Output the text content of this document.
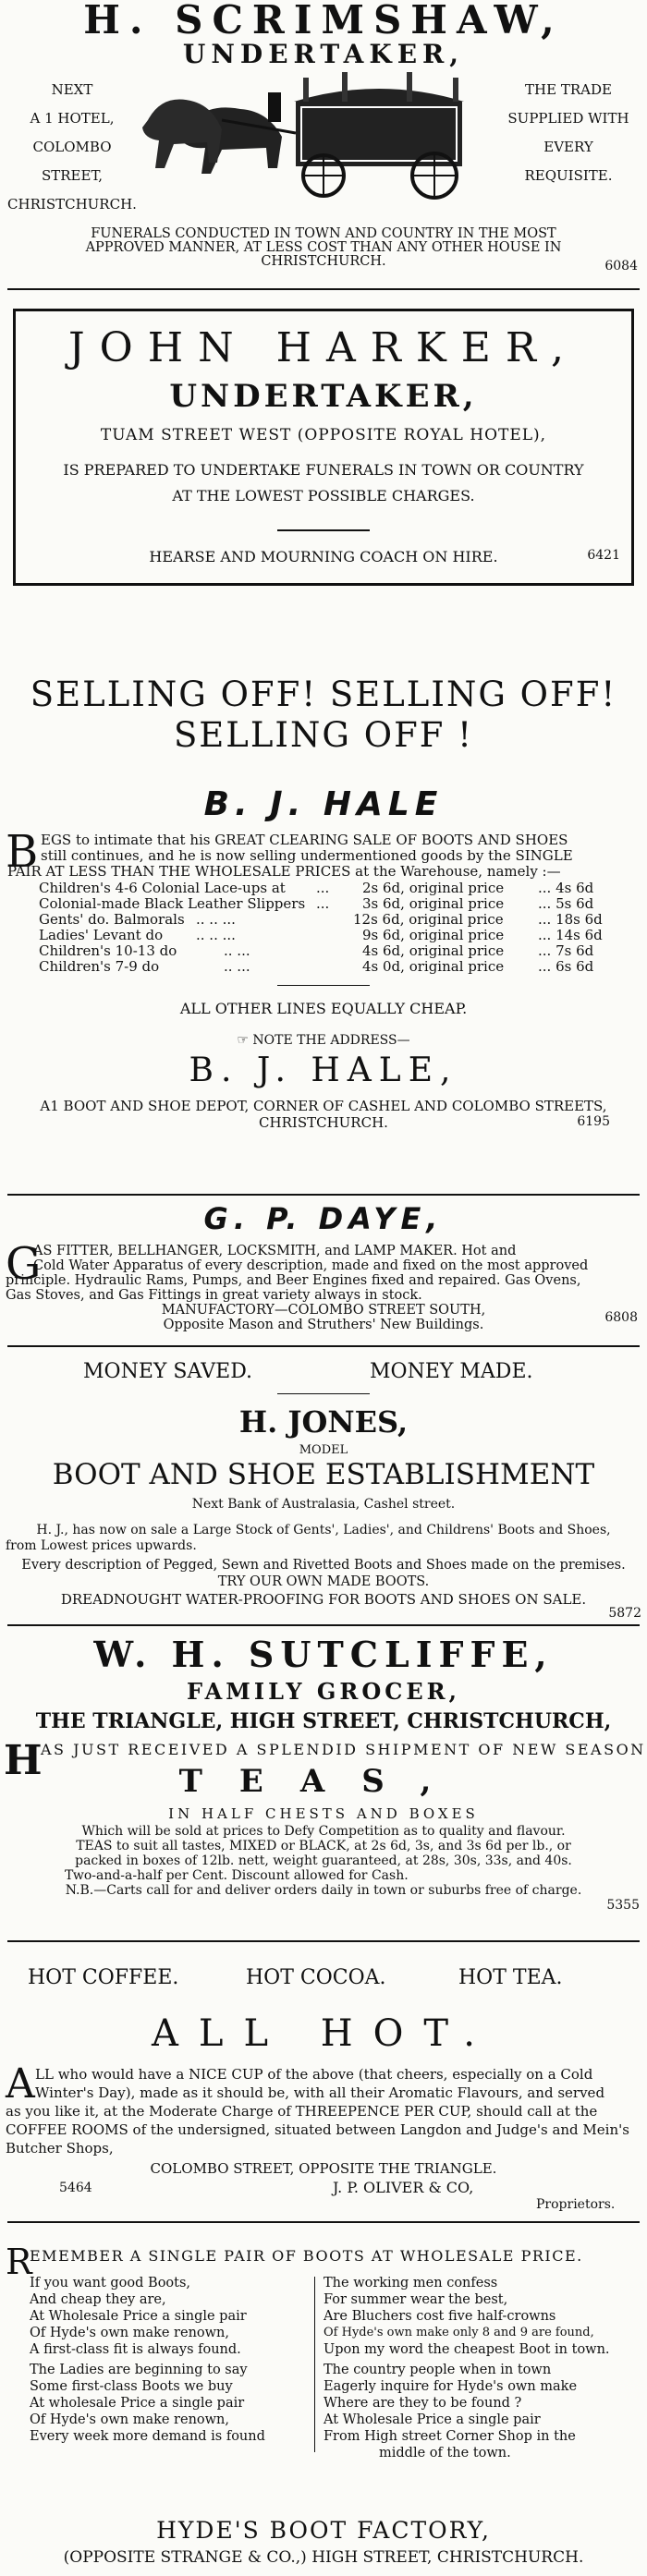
H. SCRIMSHAW,
UNDERTAKER,
NEXT
A 1 HOTEL,
COLOMBO STREET,
CHRISTCHURCH.
THE TRADE
SUPPLIED WITH
EVERY
REQUISITE.
FUNERALS CONDUCTED IN TOWN AND COUNTRY IN THE MOST
APPROVED MANNER, AT LESS COST THAN ANY OTHER HOUSE IN
CHRISTCHURCH.	6084
JOHN HARKER,
UNDERTAKER,
TUAM STREET WEST (OPPOSITE ROYAL HOTEL),
IS PREPARED TO UNDERTAKE FUNERALS IN TOWN OR COUNTRY
AT THE LOWEST POSSIBLE CHARGES.
HEARSE AND MOURNING COACH ON HIRE.	6421
SELLING OFF! SELLING OFF!
SELLING OFF !
B. J. HALE
B EGS to intimate that his GREAT CLEARING SALE OF BOOTS AND SHOES
still continues, and he is now selling undermentioned goods by the SINGLE
PAIR AT LESS THAN THE WHOLESALE PRICES at the Warehouse, namely :—
Children's 4-6 Colonial Lace-ups at ... 2s 6d, original price ... 4s 6d
Colonial-made Black Leather Slippers ... 3s 6d, original price ... 5s 6d
Gents' do. Balmorals .. .. ...	12s 6d, original price ... 18s 6d
Ladies' Levant do .. .. ...	9s 6d, original price ... 14s 6d
Children's 10-13 do	.. ...	4s 6d, original price ... 7s 6d
Children's 7-9 do	.. ...	4s 0d, original price ... 6s 6d
ALL OTHER LINES EQUALLY CHEAP.
☞ NOTE THE ADDRESS—
B. J. HALE,
A1 BOOT AND SHOE DEPOT, CORNER OF CASHEL AND COLOMBO STREETS,
CHRISTCHURCH.	6195
G. P. DAYE,
G
AS FITTER, BELLHANGER, LOCKSMITH, and LAMP MAKER. Hot and
Cold Water Apparatus of every description, made and fixed on the most approved
principle. Hydraulic Rams, Pumps, and Beer Engines fixed and repaired. Gas Ovens,
Gas Stoves, and Gas Fittings in great variety always in stock.
MANUFACTORY—COLOMBO STREET SOUTH,
Opposite Mason and Struthers' New Buildings.	6808
MONEY SAVED.	MONEY MADE.
H. JONES,
MODEL
BOOT AND SHOE ESTABLISHMENT
Next Bank of Australasia, Cashel street.
H. J., has now on sale a Large Stock of Gents', Ladies', and Childrens' Boots and Shoes,
from Lowest prices upwards.
Every description of Pegged, Sewn and Rivetted Boots and Shoes made on the premises.
TRY OUR OWN MADE BOOTS.
DREADNOUGHT WATER-PROOFING FOR BOOTS AND SHOES ON SALE.
5872
W. H. SUTCLIFFE,
FAMILY GROCER,
THE TRIANGLE, HIGH STREET, CHRISTCHURCH,
H
AS JUST RECEIVED A SPLENDID SHIPMENT OF NEW SEASON
TEAS,
IN HALF CHESTS AND BOXES
Which will be sold at prices to Defy Competition as to quality and flavour.
TEAS to suit all tastes, MIXED or BLACK, at 2s 6d, 3s, and 3s 6d per lb., or
packed in boxes of 12lb. nett, weight guaranteed, at 28s, 30s, 33s, and 40s.
Two-and-a-half per Cent. Discount allowed for Cash.
N.B.—Carts call for and deliver orders daily in town or suburbs free of charge.
5355
HOT COFFEE.	HOT COCOA.	HOT TEA.
ALL HOT.
A LL who would have a NICE CUP of the above (that cheers, especially on a Cold
Winter's Day), made as it should be, with all their Aromatic Flavours, and served
as you like it, at the Moderate Charge of THREEPENCE PER CUP, should call at the
COFFEE ROOMS of the undersigned, situated between Langdon and Judge's and Mein's
Butcher Shops,
COLOMBO STREET, OPPOSITE THE TRIANGLE.
5464	J. P. OLIVER & CO,
Proprietors.
R
EMEMBER A SINGLE PAIR OF BOOTS AT WHOLESALE PRICE.
If you want good Boots,
And cheap they are,
At Wholesale Price a single pair
Of Hyde's own make renown,
A first-class fit is always found.
The Ladies are beginning to say
Some first-class Boots we buy
At wholesale Price a single pair
Of Hyde's own make renown,
Every week more demand is found
The working men confess
For summer wear the best,
Are Bluchers cost five half-crowns
Of Hyde's own make only 8 and 9 are found,
Upon my word the cheapest Boot in town.
The country people when in town
Eagerly inquire for Hyde's own make
Where are they to be found ?
At Wholesale Price a single pair
From High street Corner Shop in the
middle of the town.
HYDE'S BOOT FACTORY,
(OPPOSITE STRANGE & CO.,) HIGH STREET, CHRISTCHURCH.
